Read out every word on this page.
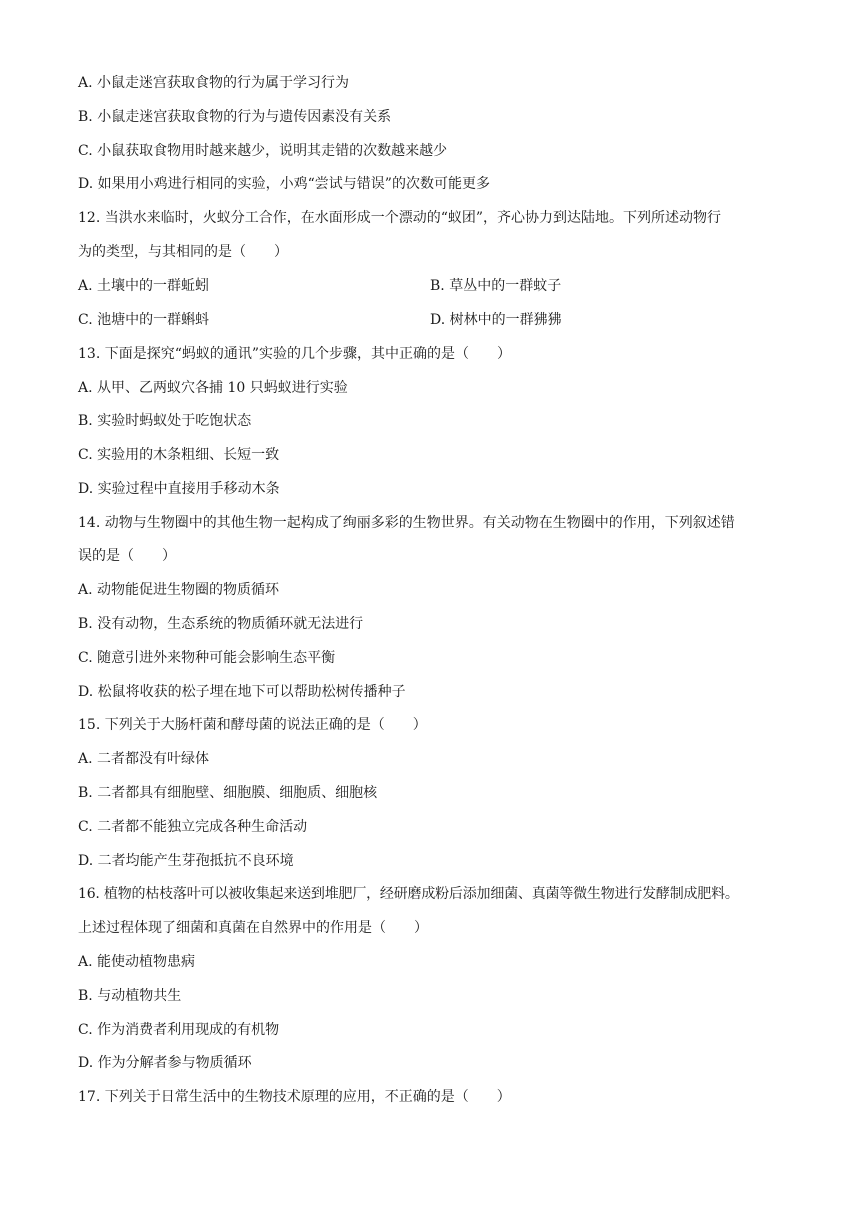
A. 小鼠走迷宫获取食物的行为属于学习行为
B. 小鼠走迷宫获取食物的行为与遗传因素没有关系
C. 小鼠获取食物用时越来越少，说明其走错的次数越来越少
D. 如果用小鸡进行相同的实验，小鸡“尝试与错误”的次数可能更多
12. 当洪水来临时，火蚁分工合作，在水面形成一个漂动的“蚁团”，齐心协力到达陆地。下列所述动物行
为的类型，与其相同的是（　　）
A. 土壤中的一群蚯蚓	B. 草丛中的一群蚊子
C. 池塘中的一群蝌蚪	D. 树林中的一群狒狒
13. 下面是探究“蚂蚁的通讯”实验的几个步骤，其中正确的是（　　）
A. 从甲、乙两蚁穴各捕 10 只蚂蚁进行实验
B. 实验时蚂蚁处于吃饱状态
C. 实验用的木条粗细、长短一致
D. 实验过程中直接用手移动木条
14. 动物与生物圈中的其他生物一起构成了绚丽多彩的生物世界。有关动物在生物圈中的作用，下列叙述错
误的是（　　）
A. 动物能促进生物圈的物质循环
B. 没有动物，生态系统的物质循环就无法进行
C. 随意引进外来物种可能会影响生态平衡
D. 松鼠将收获的松子埋在地下可以帮助松树传播种子
15. 下列关于大肠杆菌和酵母菌的说法正确的是（　　）
A. 二者都没有叶绿体
B. 二者都具有细胞壁、细胞膜、细胞质、细胞核
C. 二者都不能独立完成各种生命活动
D. 二者均能产生芽孢抵抗不良环境
16. 植物的枯枝落叶可以被收集起来送到堆肥厂，经研磨成粉后添加细菌、真菌等微生物进行发酵制成肥料。
上述过程体现了细菌和真菌在自然界中的作用是（　　）
A. 能使动植物患病
B. 与动植物共生
C. 作为消费者利用现成的有机物
D. 作为分解者参与物质循环
17. 下列关于日常生活中的生物技术原理的应用，不正确的是（　　）
